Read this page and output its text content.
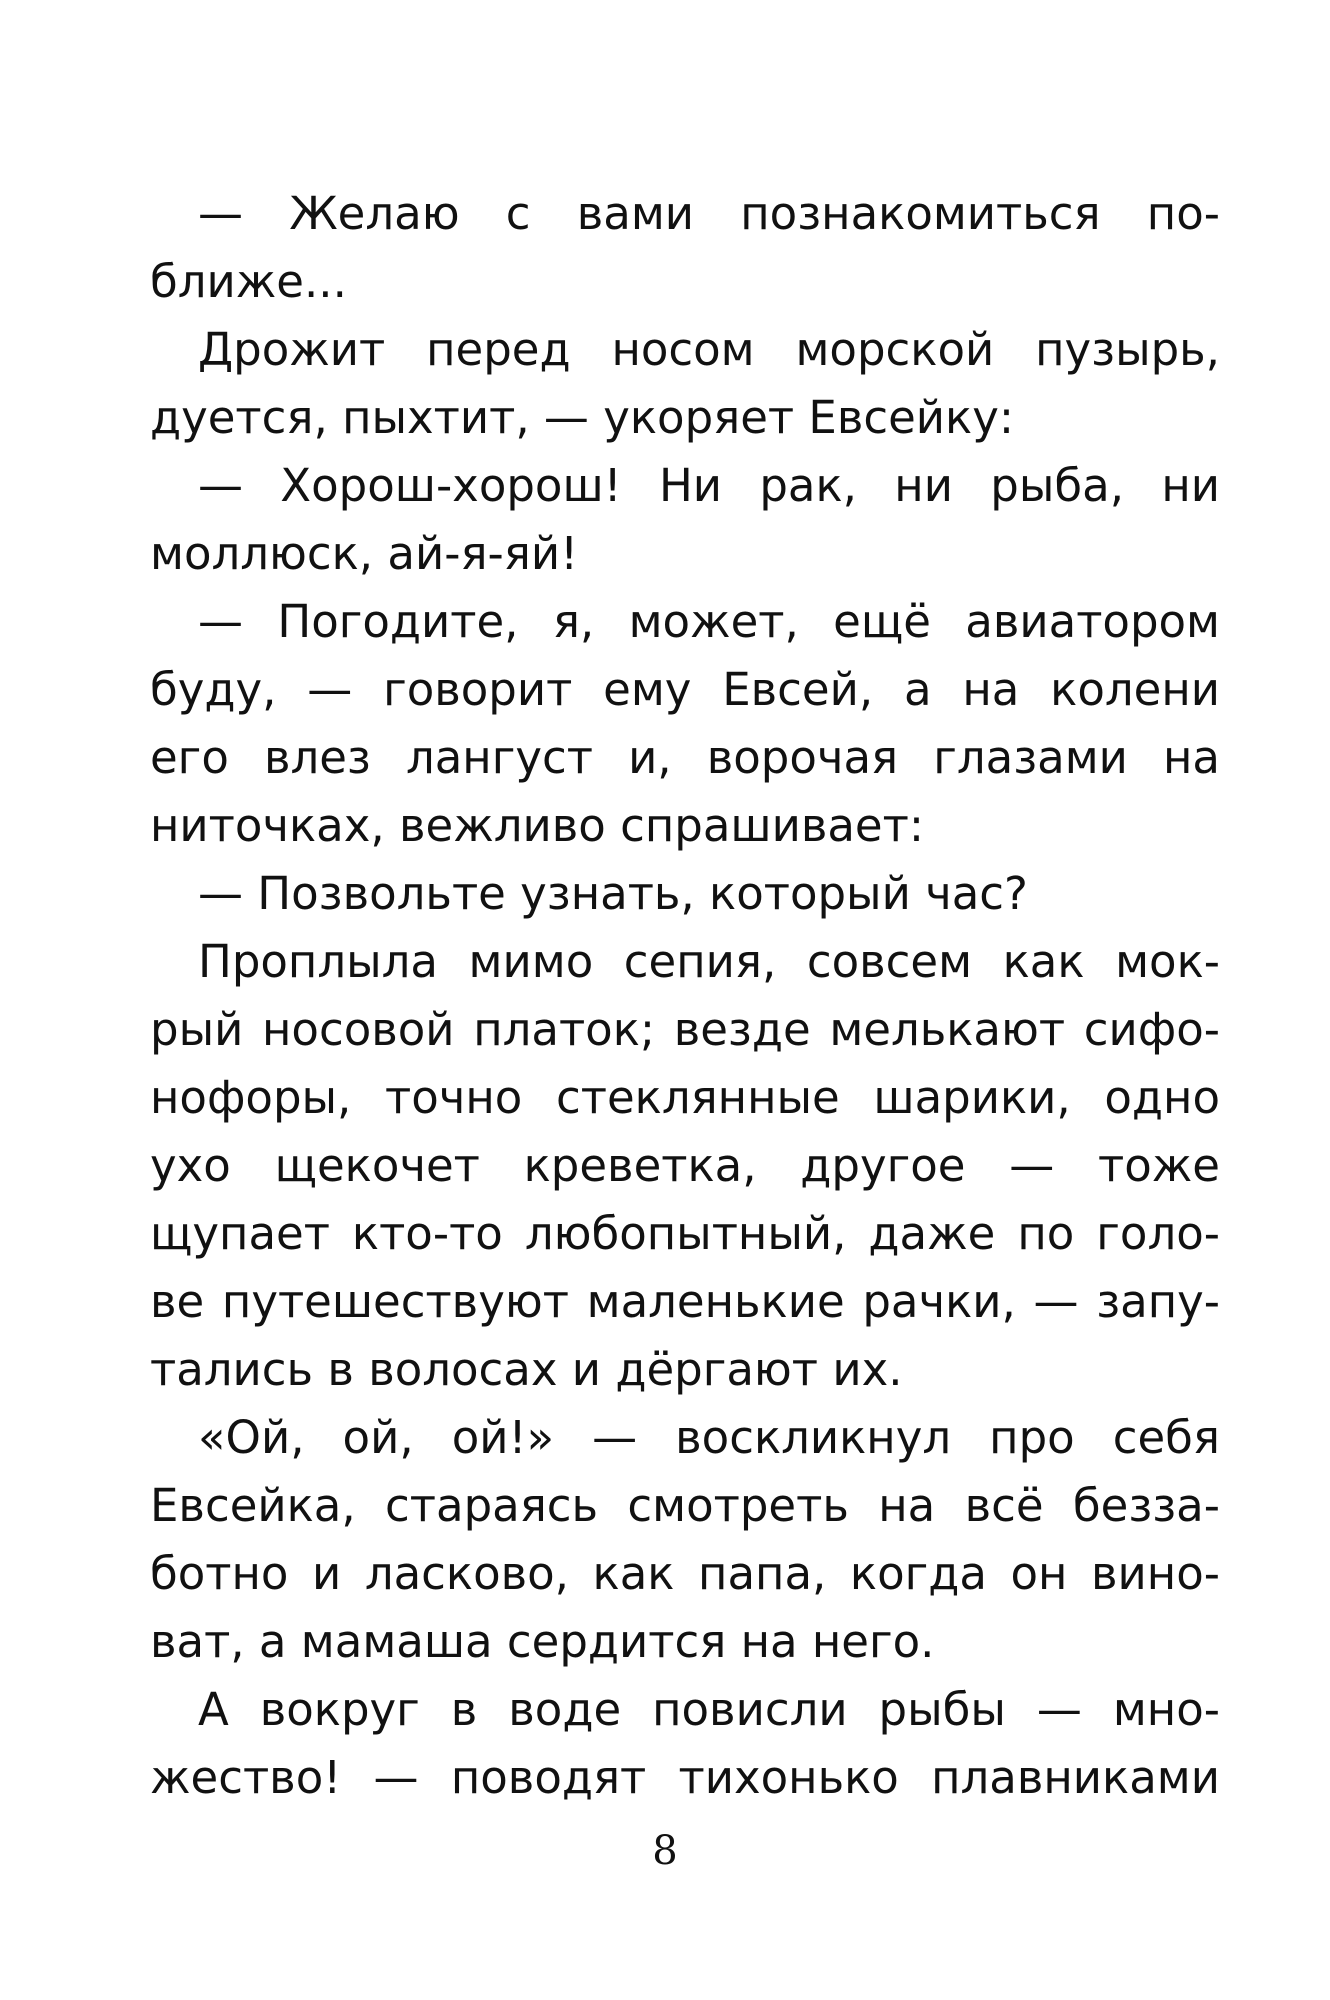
— Желаю с вами познакомиться по-
ближе...
Дрожит перед носом морской пузырь,
дуется, пыхтит, — укоряет Евсейку:
— Хорош-хорош! Ни рак, ни рыба, ни
моллюск, ай-я-яй!
— Погодите, я, может, ещё авиатором
буду, — говорит ему Евсей, а на колени
его влез лангуст и, ворочая глазами на
ниточках, вежливо спрашивает:
— Позвольте узнать, который час?
Проплыла мимо сепия, совсем как мок-
рый носовой платок; везде мелькают сифо-
нофоры, точно стеклянные шарики, одно
ухо щекочет креветка, другое — тоже
щупает кто-то любопытный, даже по голо-
ве путешествуют маленькие рачки, — запу-
тались в волосах и дёргают их.
«Ой, ой, ой!» — воскликнул про себя
Евсейка, стараясь смотреть на всё безза-
ботно и ласково, как папа, когда он вино-
ват, а мамаша сердится на него.
А вокруг в воде повисли рыбы — мно-
жество! — поводят тихонько плавниками
8
